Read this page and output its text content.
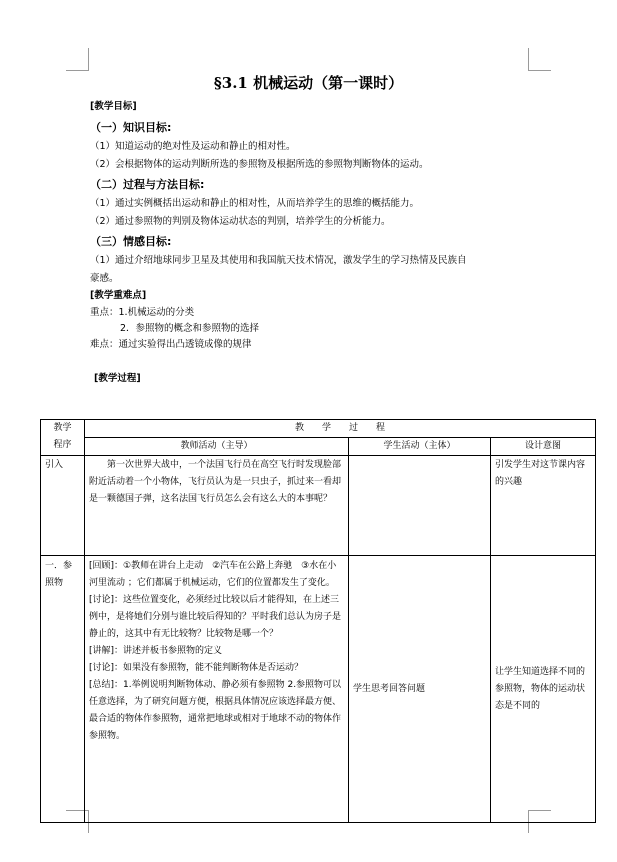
§3.1 机械运动（第一课时）
[教学目标]
（一）知识目标:
（1）知道运动的绝对性及运动和静止的相对性。
（2）会根据物体的运动判断所选的参照物及根据所选的参照物判断物体的运动。
（二）过程与方法目标:
（1）通过实例概括出运动和静止的相对性，从而培养学生的思维的概括能力。
（2）通过参照物的判别及物体运动状态的判别，培养学生的分析能力。
（三）情感目标:
（1）通过介绍地球同步卫星及其使用和我国航天技术情况，激发学生的学习热情及民族自
豪感。
[教学重难点]
重点：1.机械运动的分类
2．参照物的概念和参照物的选择
难点：通过实验得出凸透镜成像的规律
[教学过程]
教学
程序	教　　学　　过　　程		
	教师活动（主导）	学生活动（主体）	设计意图
引入	第一次世界大战中，一个法国飞行员在高空飞行时发现脸部附近活动着一个小物体，飞行员认为是一只虫子，抓过来一看却是一颗德国子弹，这名法国飞行员怎么会有这么大的本事呢？		引发学生对这节课内容的兴趣
一．参照物	[回顾]：①教师在讲台上走动　②汽车在公路上奔驰　③水在小河里流动 ；它们都属于机械运动，它们的位置都发生了变化。
[讨论]：这些位置变化，必须经过比较以后才能得知，在上述三例中，是将她们分别与谁比较后得知的？平时我们总认为房子是静止的，这其中有无比较物？比较物是哪一个？
[讲解]：讲述并板书参照物的定义
[讨论]：如果没有参照物，能不能判断物体是否运动？
[总结]：1.举例说明判断物体动、静必须有参照物 2.参照物可以任意选择，为了研究问题方便，根据具体情况应该选择最方便、最合适的物体作参照物，通常把地球或相对于地球不动的物体作参照物。	学生思考回答问题	让学生知道选择不同的参照物，物体的运动状态是不同的
